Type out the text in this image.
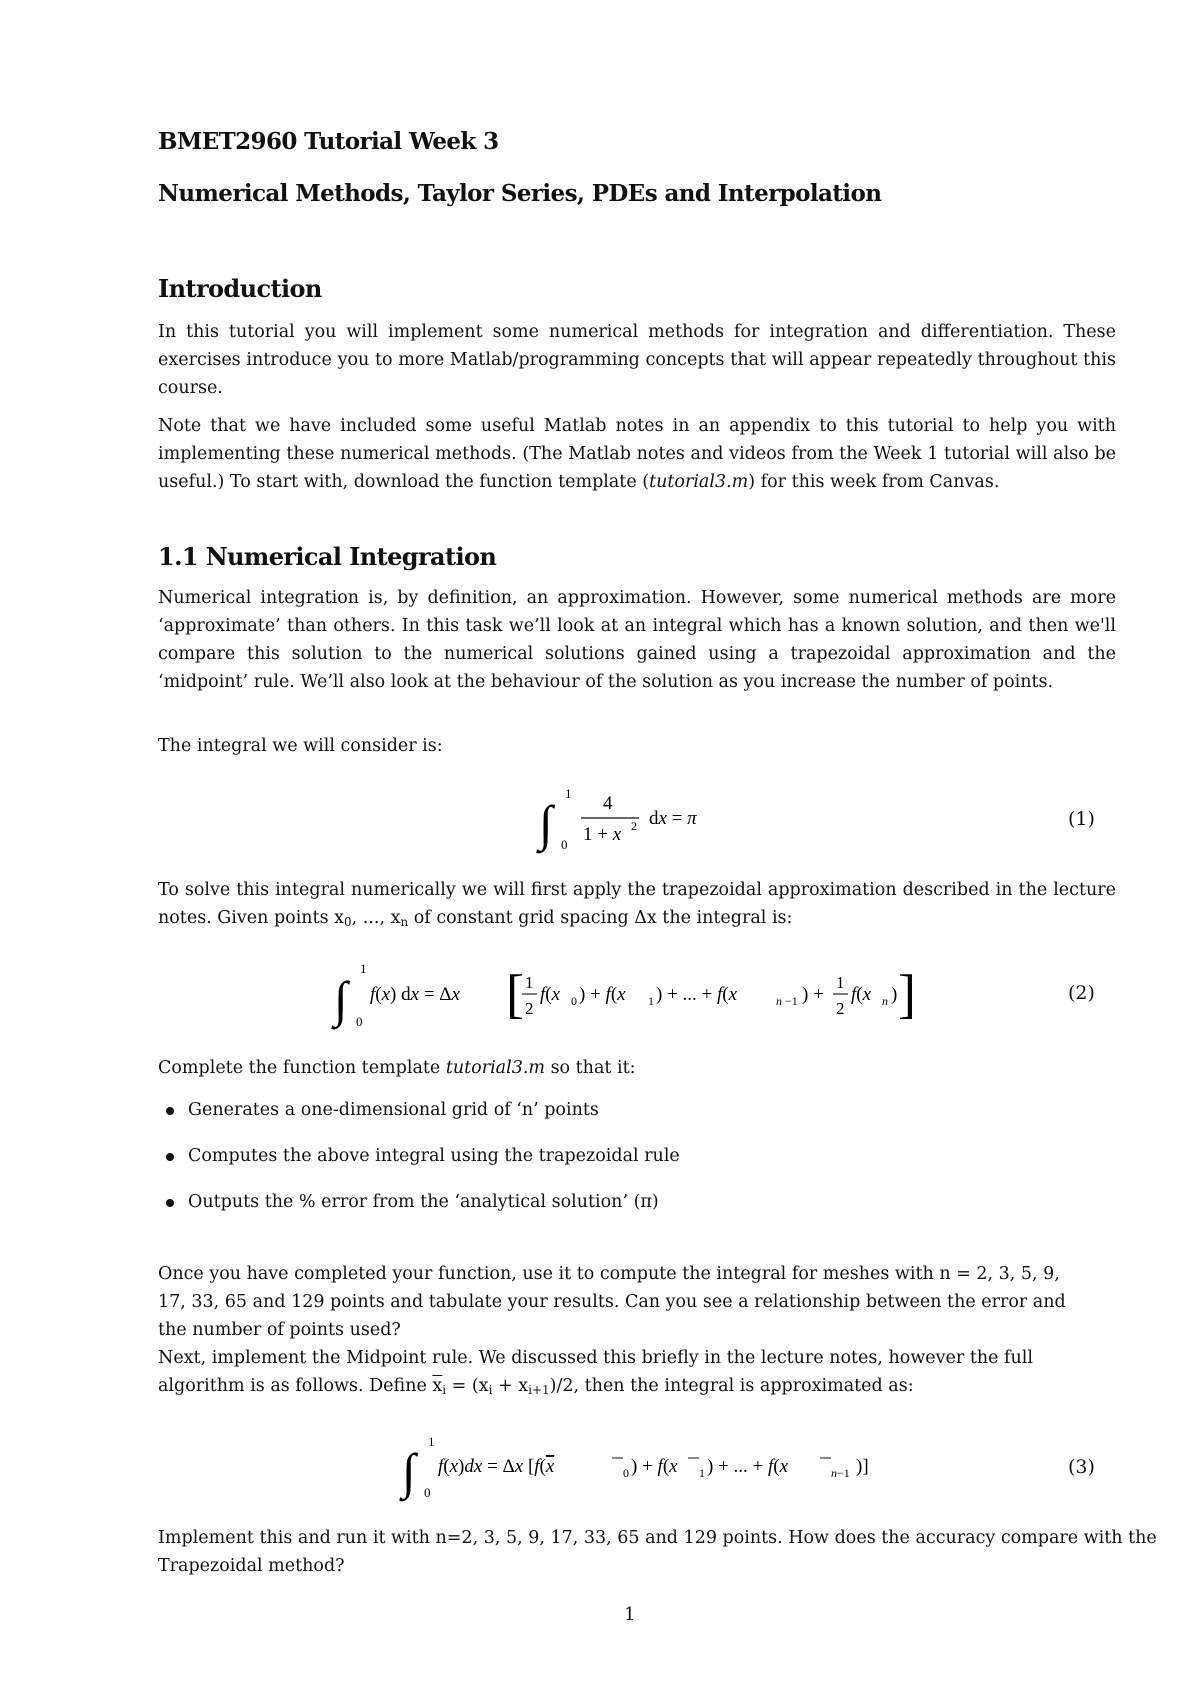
BMET2960 Tutorial Week 3
Numerical Methods, Taylor Series, PDEs and Interpolation
Introduction
In this tutorial you will implement some numerical methods for integration and differentiation. These exercises introduce you to more Matlab/programming concepts that will appear repeatedly throughout this course.
Note that we have included some useful Matlab notes in an appendix to this tutorial to help you with implementing these numerical methods. (The Matlab notes and videos from the Week 1 tutorial will also be useful.) To start with, download the function template (tutorial3.m) for this week from Canvas.
1.1 Numerical Integration
Numerical integration is, by definition, an approximation. However, some numerical methods are more ‘approximate’ than others. In this task we’ll look at an integral which has a known solution, and then we'll compare this solution to the numerical solutions gained using a trapezoidal approximation and the ‘midpoint’ rule. We’ll also look at the behaviour of the solution as you increase the number of points.
The integral we will consider is:
∫
1
0
4
1 + x 2 dx = π	(1)
To solve this integral numerically we will first apply the trapezoidal approximation described in the lecture notes. Given points $x_0$, ..., $x_n$ of constant grid spacing Δx the integral is:
∫
1
0
f(x) dx = Δx [ 1
2
f(x 0 ) + f(x 1 ) + ... + f(x	n −1 ) +
1
2
f(x n ) ]	(2)
Complete the function template tutorial3.m so that it:
Generates a one-dimensional grid of ‘n’ points
Computes the above integral using the trapezoidal rule
Outputs the % error from the ‘analytical solution’ (π)
Once you have completed your function, use it to compute the integral for meshes with n = 2, 3, 5, 9, 17, 33, 65 and 129 points and tabulate your results. Can you see a relationship between the error and the number of points used?
Next, implement the Midpoint rule. We discussed this briefly in the lecture notes, however the full algorithm is as follows. Define $\overline{x}_i = (x_i + x_{i+1})/2$, then the integral is approximated as:
∫
1
0
f(x)dx = Δx [f(x	0 ) + f(x 1 ) + ... + f(x	n−1 )]	(3)
Implement this and run it with n=2, 3, 5, 9, 17, 33, 65 and 129 points. How does the accuracy compare with the Trapezoidal method?
1
